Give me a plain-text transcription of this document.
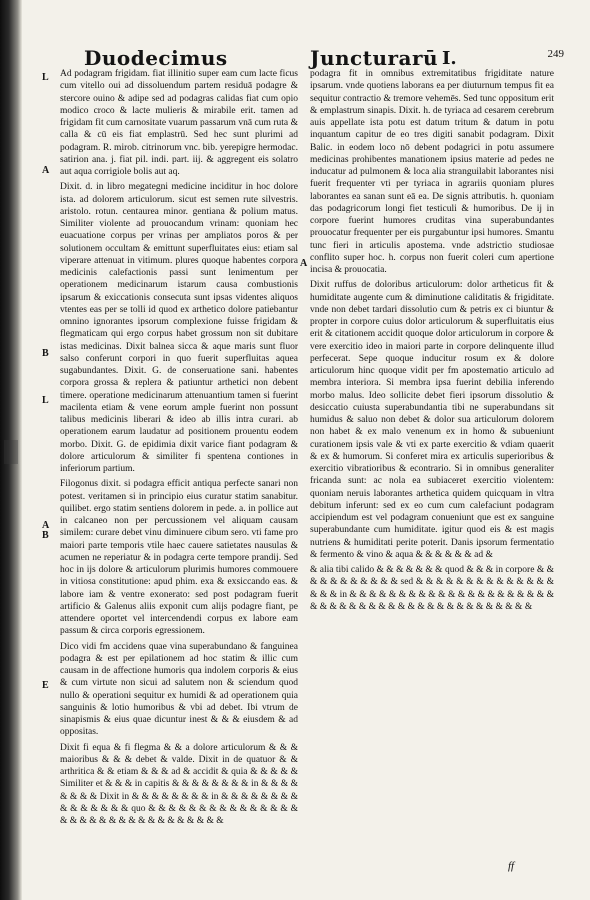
Duodecimus	Juncturarū I.	249
L
A
B
L
A
B
E
A

Ad podagram frigidam. fiat illinitio super eam cum lacte ficus cum vitello oui ad dissoluendum partem residuā podagre & stercore ouino & adipe sed ad podagras calidas fiat cum opio modico croco & lacte mulieris & mirabile erit. tamen ad frigidam fit cum carnositate vuarum passarum vnā cum ruta & calla & cū eis fiat emplastrū. Sed hec sunt plurimi ad podagram. R. mirob. citrinorum vnc. bib. yerepigre hermodac. satirion ana. j. fiat pil. indi. part. iij. & aggregent eis solatro aut aqua corrigiole bolis aut aq.

Dixit. d. in libro megategni medicine inciditur in hoc dolore ista. ad dolorem articulorum. sicut est semen rute silvestris. aristolo. rotun. centaurea minor. gentiana & polium matus. Similiter violente ad prouocandum vrinam: quoniam hec euacuatione corpus per vrinas per ampliatos poros & per solutionem occultam & emittunt superfluitates eius: etiam sal viperare attenuat in vitimum. plures quoque habentes corpora medicinis calefactionis passi sunt lenimentum per operationem medicinarum istarum causa combustionis ipsarum & exiccationis consecuta sunt ipsas videntes aliquos vtentes eas per se tolli id quod ex arthetico dolore patiebantur omnino ignorantes ipsorum complexione fuisse frigidam & flegmaticam qui ergo corpus habet grossum non sit dubitare istas medicinas. Dixit balnea sicca & aque maris sunt fluor salso conferunt corpori in quo fuerit superfluitas aquea sugabundantes. Dixit. G. de conseruatione sani. habentes corpora grossa & replera & patiuntur arthetici non debent timere. operatione medicinarum attenuantium tamen si fuerint macilenta etiam & vene eorum ample fuerint non possunt talibus medicinis liberari & ideo ab illis intra curari. ab operationem earum laudatur ad positionem prouentu eodem morbo. Dixit. G. de epidimia dixit varice fiant podagram & dolore articulorum & similiter fi spentena contiones in inferiorum partium.

Filogonus dixit. si podagra efficit antiqua perfecte sanari non potest. veritamen si in principio eius curatur statim sanabitur. quilibet. ergo statim sentiens dolorem in pede. a. in pollice aut in calcaneo non per percussionem vel aliquam causam similem: curare debet vinu diminuere cibum sero. vti fame pro maiori parte temporis vtile haec cauere satietates nausulas & acumen ne reperiatur & in podagra certe tempore prandij. Sed hoc in ijs dolore & articulorum plurimis humores commouere in vitiosa constitutione: apud phim. exa & exsiccando eas. & labore iam & ventre exonerato: sed post podagram fuerit artificio & Galenus aliis exponit cum alijs podagre fiant, pe attendere oportet vel intercendendi corpus ex labore eam passum & circa corporis egressionem.

Dico vidi fm accidens quae vina superabundano & fanguinea podagra & est per epilationem ad hoc statim & illic cum causam in de affectione humoris qua indolem corporis & eius & cum virtute non sicui ad salutem non & sciendum quod nullo & operationi sequitur ex humidi & ad operationem quia sanguinis & lotio humoribus & vbi ad debet. Ibi vtrum de sinapismis & eius quae dicuntur inest & & & eiusdem & ad oppositas.

Dixit fi equa & fi flegma & & a dolore articulorum & & & maioribus & & & debet & valde. Dixit in de quatuor & & arthritica & & etiam & & & ad & accidit & quia & & & & & Similiter et & & & in capitis & & & & & & & & in & & & & & & & & Dixit in & & & & & & & & in & & & & & & & & & & & & & & & quo & & & & & & & & & & & & & & & & & & & & & & & & & & & & & & & &

podagra fit in omnibus extremitatibus frigiditate nature ipsarum. vnde quotiens laborans ea per diuturnum tempus fit ea sequitur contractio & tremore vehemēs. Sed tunc oppositum erit & emplastrum sinapis. Dixit. h. de tyriaca ad cesarem cerebrum auis appellate ista potu est datum tritum & datum in potu inquantum capitur de eo tres digiti sanabit podagram. Dixit Balic. in eodem loco nō debent podagrici in potu assumere medicinas prohibentes manationem ipsius materie ad pedes ne inducatur ad pulmonem & loca alia stranguilabit laborantes nisi fuerit frequenter vti per tyriaca in agrariis quoniam plures laborantes ea sanan sunt eā ea. De signis attributis. h. quoniam das podagricorum longi fiet testiculi & humoribus. De ij in corpore fuerint humores cruditas vina superabundantes prouocatur frequenter per eis purgabuntur ipsi humores. Smantu tunc fieri in articulis apostema. vnde adstrictio studiosae conflito super hoc. h. corpus non fuerit coleri cum apertione incisa & prouocatia.

Dixit ruffus de doloribus articulorum: dolor artheticus fit & humiditate augente cum & diminutione caliditatis & frigiditate. vnde non debet tardari dissolutio cum & petris ex ci biuntur & propter in corpore cuius dolor articulorum & superfluitatis eius erit & citationem accidit quoque dolor articulorum in corpore & vere exercitio ideo in maiori parte in corpore delinquente illud perfecerat. Sepe quoque inducitur rosum ex & dolore articulorum hinc quoque vidit per fm apostematio articulo ad membra interiora. Si membra ipsa fuerint debilia inferendo morbo malus. Ideo sollicite debet fieri ipsorum dissolutio & desiccatio cuiusta superabundantia tibi ne superabundans sit humidus & saluo non debet & dolor sua articulorum dolorem non habet & ex malo venenum ex in homo & subueniunt curationem ipsis vale & vti ex parte exercitio & vdiam quaerit & ex & humorum. Si conferet mira ex articulis superioribus & exercitio vibratioribus & econtrario. Si in omnibus generaliter fricanda sunt: ac nola ea subiaceret exercitio violentem: quoniam neruis laborantes arthetica quidem quicquam in vltra debitum inferunt: sed ex eo cum cum calefaciunt podagram accipiendum est vel podagram conueniunt que est ex sanguine superabundante cum humiditate. igitur quod eis & est magis nutriens & humiditati perite poterit. Danis ipsorum fermentatio & fermento & vino & aqua & & & & & & ad &

& alia tibi calido & & & & & & & quod & & & in corpore & & & & & & & & & & & sed & & & & & & & & & & & & & & & & & in & & & & & & & & & & & & & & & & & & & & & & & & & & & & & & & & & & & & & & & & & & & &

ff
